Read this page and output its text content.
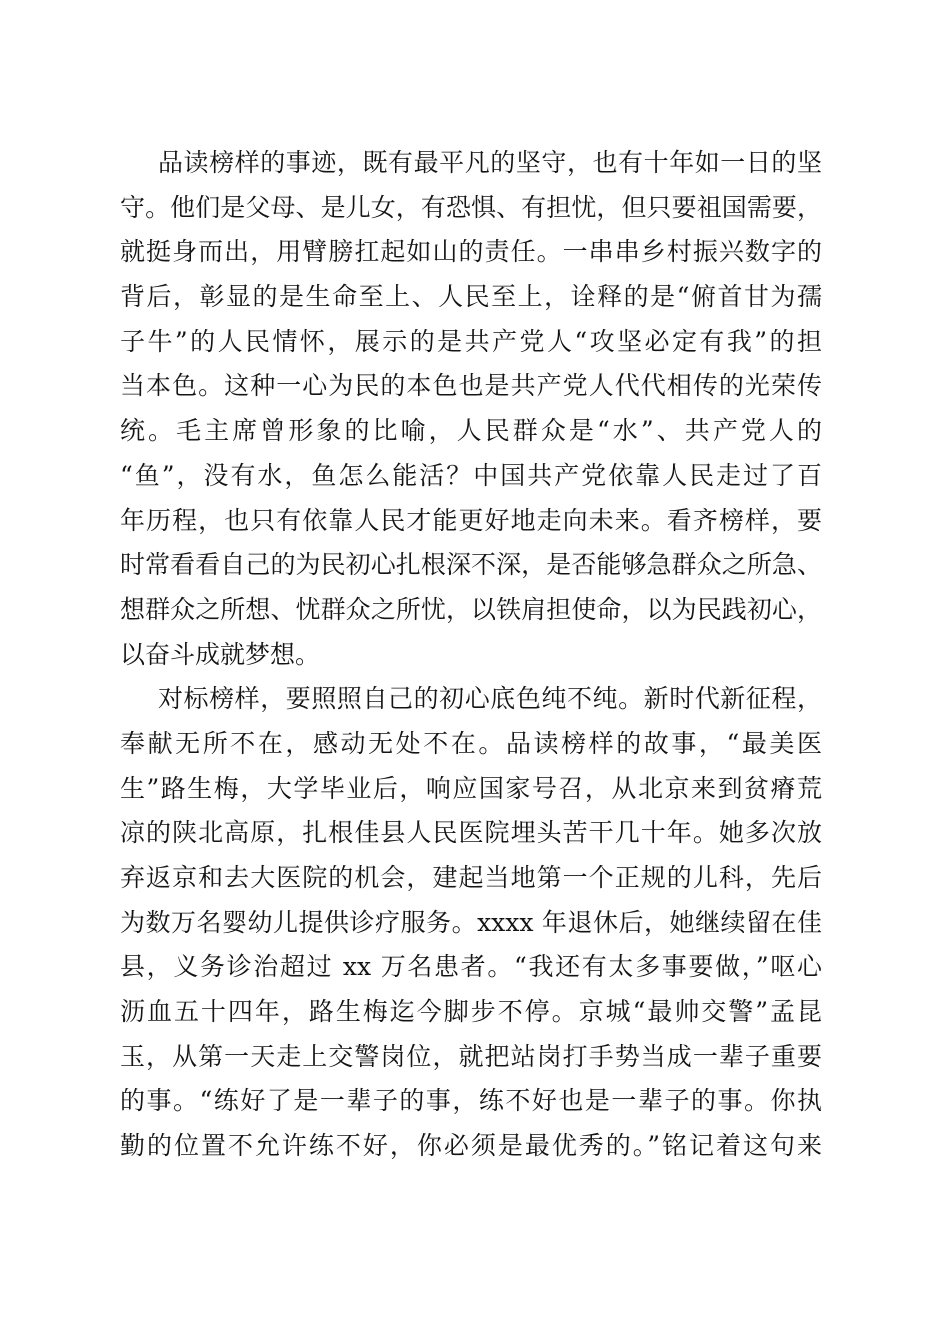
品读榜样的事迹，既有最平凡的坚守，也有十年如一日的坚
守。他们是父母、是儿女，有恐惧、有担忧，但只要祖国需要，
就挺身而出，用臂膀扛起如山的责任。一串串乡村振兴数字的
背后，彰显的是生命至上、人民至上，诠释的是“俯首甘为孺
子牛”的人民情怀，展示的是共产党人“攻坚必定有我”的担
当本色。这种一心为民的本色也是共产党人代代相传的光荣传
统。毛主席曾形象的比喻，人民群众是“水”、共产党人的
“鱼”，没有水，鱼怎么能活？中国共产党依靠人民走过了百
年历程，也只有依靠人民才能更好地走向未来。看齐榜样，要
时常看看自己的为民初心扎根深不深，是否能够急群众之所急、
想群众之所想、忧群众之所忧，以铁肩担使命，以为民践初心，
以奋斗成就梦想。
对标榜样，要照照自己的初心底色纯不纯。新时代新征程，
奉献无所不在，感动无处不在。品读榜样的故事，“最美医
生”路生梅，大学毕业后，响应国家号召，从北京来到贫瘠荒
凉的陕北高原，扎根佳县人民医院埋头苦干几十年。她多次放
弃返京和去大医院的机会，建起当地第一个正规的儿科，先后
为数万名婴幼儿提供诊疗服务。xxxx 年退休后，她继续留在佳
县，义务诊治超过 xx 万名患者。“我还有太多事要做，”呕心
沥血五十四年，路生梅迄今脚步不停。京城“最帅交警”孟昆
玉，从第一天走上交警岗位，就把站岗打手势当成一辈子重要
的事。“练好了是一辈子的事，练不好也是一辈子的事。你执
勤的位置不允许练不好，你必须是最优秀的。”铭记着这句来
